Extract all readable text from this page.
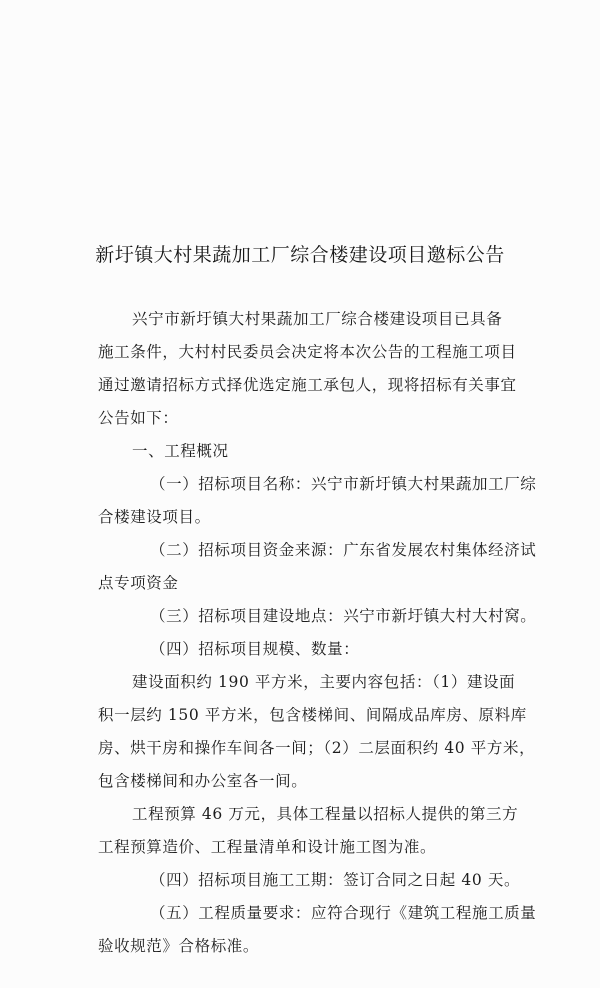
新圩镇大村果蔬加工厂综合楼建设项目邀标公告
兴宁市新圩镇大村果蔬加工厂综合楼建设项目已具备
施工条件，大村村民委员会决定将本次公告的工程施工项目
通过邀请招标方式择优选定施工承包人，现将招标有关事宜
公告如下：
一、工程概况
（一）招标项目名称：兴宁市新圩镇大村果蔬加工厂综
合楼建设项目。
（二）招标项目资金来源：广东省发展农村集体经济试
点专项资金
（三）招标项目建设地点：兴宁市新圩镇大村大村窝。
（四）招标项目规模、数量：
建设面积约 190 平方米，主要内容包括：（1）建设面
积一层约 150 平方米，包含楼梯间、间隔成品库房、原料库
房、烘干房和操作车间各一间；（2）二层面积约 40 平方米，
包含楼梯间和办公室各一间。
工程预算 46 万元，具体工程量以招标人提供的第三方
工程预算造价、工程量清单和设计施工图为准。
（四）招标项目施工工期：签订合同之日起 40 天。
（五）工程质量要求：应符合现行《建筑工程施工质量
验收规范》合格标准。
